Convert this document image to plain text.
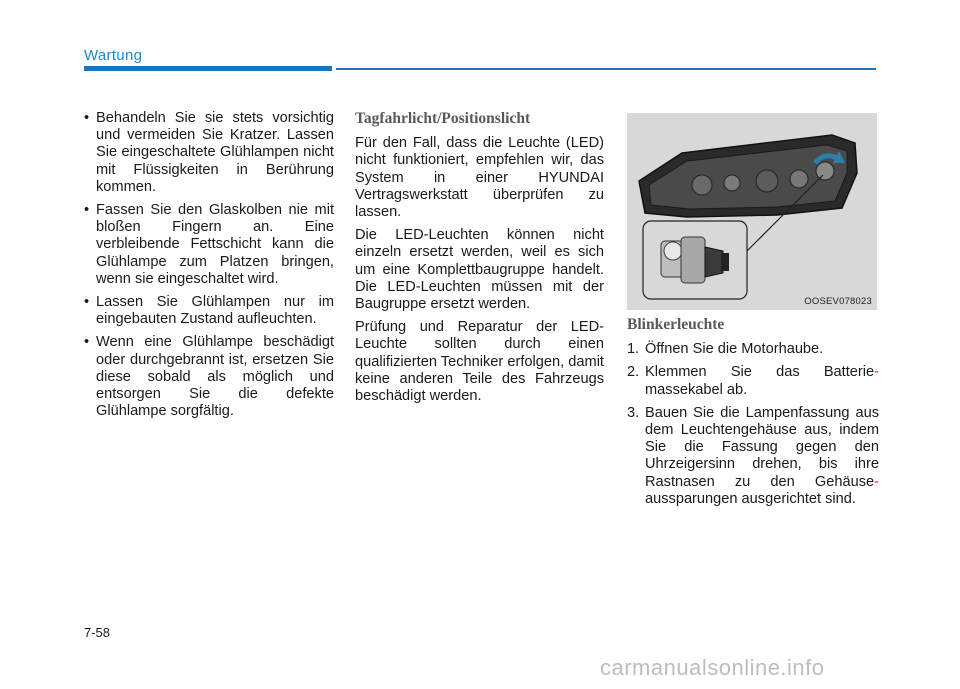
Wartung
• Behandeln Sie sie stets vorsichtig und vermeiden Sie Kratzer. Lassen Sie eingeschaltete Glühlampen nicht mit Flüssigkeiten in Berührung kommen.
• Fassen Sie den Glaskolben nie mit bloßen Fingern an. Eine verbleibende Fettschicht kann die Glühlampe zum Platzen bringen, wenn sie eingeschaltet wird.
• Lassen Sie Glühlampen nur im eingebauten Zustand aufleuchten.
• Wenn eine Glühlampe beschädigt oder durchgebrannt ist, ersetzen Sie diese sobald als möglich und entsorgen Sie die defekte Glühlampe sorgfältig.
Tagfahrlicht/Positionslicht

Für den Fall, dass die Leuchte (LED) nicht funktioniert, empfehlen wir, das System in einer HYUNDAI Vertragswerkstatt überprüfen zu lassen.

Die LED-Leuchten können nicht einzeln ersetzt werden, weil es sich um eine Komplettbaugruppe handelt. Die LED-Leuchten müssen mit der Baugruppe ersetzt werden.

Prüfung und Reparatur der LED-Leuchte sollten durch einen qualifizierten Techniker erfolgen, damit keine anderen Teile des Fahrzeugs beschädigt werden.

OOSEV078023
Blinkerleuchte
1. Öffnen Sie die Motorhaube.
2. Klemmen Sie das Batterie- massekabel ab.
3. Bauen Sie die Lampenfassung aus dem Leuchtengehäuse aus, indem Sie die Fassung gegen den Uhrzeigersinn drehen, bis ihre Rastnasen zu den Gehäuse- aussparungen ausgerichtet sind.
7-58
carmanualsonline.info
